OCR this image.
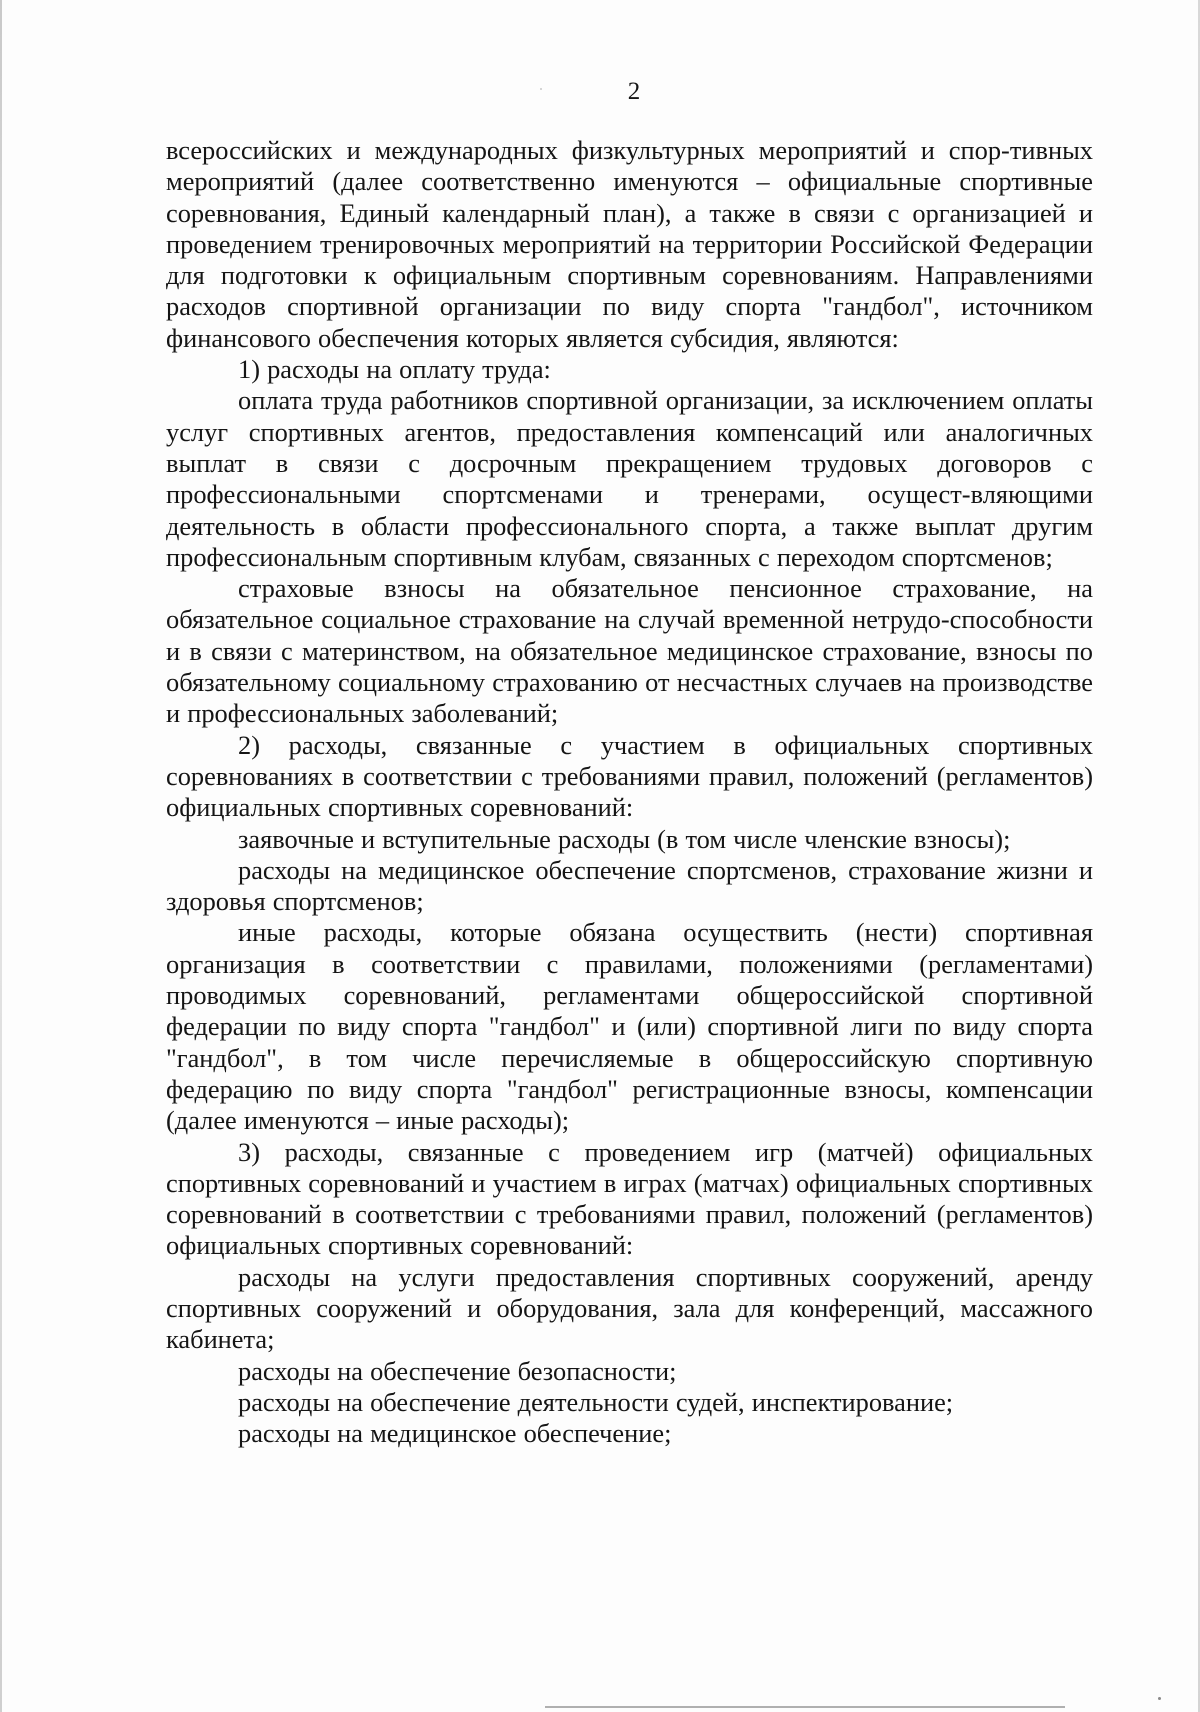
2

всероссийских и международных физкультурных мероприятий и спор-тивных мероприятий (далее соответственно именуются – официальные спортивные соревнования, Единый календарный план), а также в связи с организацией и проведением тренировочных мероприятий на территории Российской Федерации для подготовки к официальным спортивным соревнованиям. Направлениями расходов спортивной организации по виду спорта "гандбол", источником финансового обеспечения которых является субсидия, являются:

1) расходы на оплату труда:

оплата труда работников спортивной организации, за исключением оплаты услуг спортивных агентов, предоставления компенсаций или аналогичных выплат в связи с досрочным прекращением трудовых договоров с профессиональными спортсменами и тренерами, осущест-вляющими деятельность в области профессионального спорта, а также выплат другим профессиональным спортивным клубам, связанных с переходом спортсменов;

страховые взносы на обязательное пенсионное страхование, на обязательное социальное страхование на случай временной нетрудо-способности и в связи с материнством, на обязательное медицинское страхование, взносы по обязательному социальному страхованию от несчастных случаев на производстве и профессиональных заболеваний;

2) расходы, связанные с участием в официальных спортивных соревнованиях в соответствии с требованиями правил, положений (регламентов) официальных спортивных соревнований:

заявочные и вступительные расходы (в том числе членские взносы);

расходы на медицинское обеспечение спортсменов, страхование жизни и здоровья спортсменов;

иные расходы, которые обязана осуществить (нести) спортивная организация в соответствии с правилами, положениями (регламентами) проводимых соревнований, регламентами общероссийской спортивной федерации по виду спорта "гандбол" и (или) спортивной лиги по виду спорта "гандбол", в том числе перечисляемые в общероссийскую спортивную федерацию по виду спорта "гандбол" регистрационные взносы, компенсации (далее именуются – иные расходы);

3) расходы, связанные с проведением игр (матчей) официальных спортивных соревнований и участием в играх (матчах) официальных спортивных соревнований в соответствии с требованиями правил, положений (регламентов) официальных спортивных соревнований:

расходы на услуги предоставления спортивных сооружений, аренду спортивных сооружений и оборудования, зала для конференций, массажного кабинета;

расходы на обеспечение безопасности;

расходы на обеспечение деятельности судей, инспектирование;

расходы на медицинское обеспечение;
